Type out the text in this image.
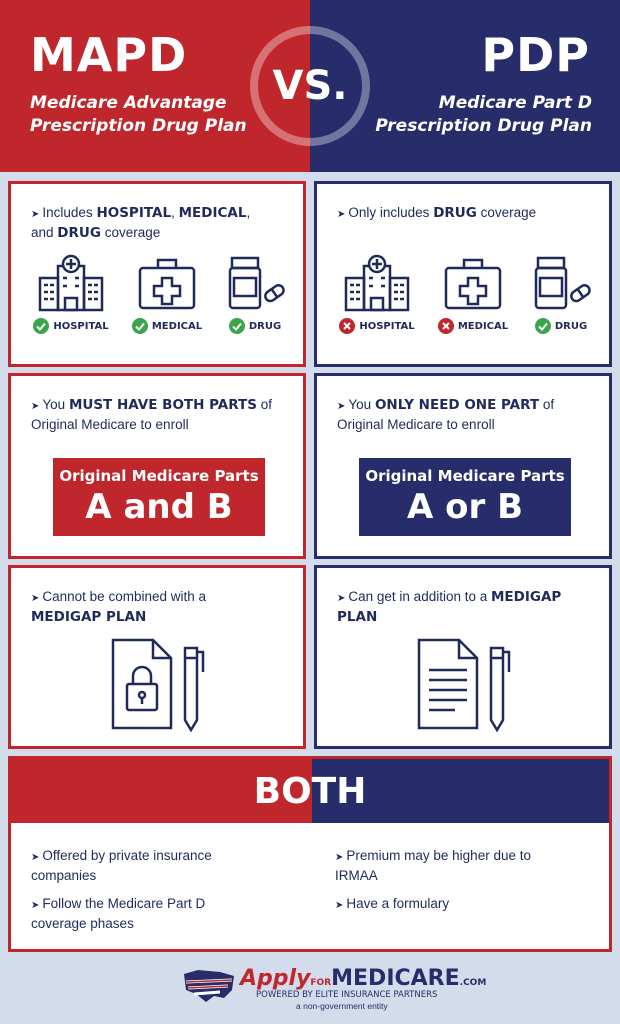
MAPD
Medicare Advantage
Prescription Drug Plan
VS.
PDP
Medicare Part D
Prescription Drug Plan
➤ Includes HOSPITAL, MEDICAL,
and DRUG coverage
HOSPITAL	MEDICAL	DRUG
➤ Only includes DRUG coverage
HOSPITAL	MEDICAL	DRUG
➤ You MUST HAVE BOTH PARTS of
Original Medicare to enroll
Original Medicare Parts
A and B
➤ You ONLY NEED ONE PART of
Original Medicare to enroll
Original Medicare Parts
A or B
➤ Cannot be combined with a
MEDIGAP PLAN
➤ Can get in addition to a MEDIGAP
PLAN
BOTH
➤ Offered by private insurance companies
➤ Follow the Medicare Part D coverage phases
➤ Premium may be higher due to IRMAA
➤ Have a formulary
ApplyFORMEDICARE.COM
POWERED BY ELITE INSURANCE PARTNERS
a non-government entity
